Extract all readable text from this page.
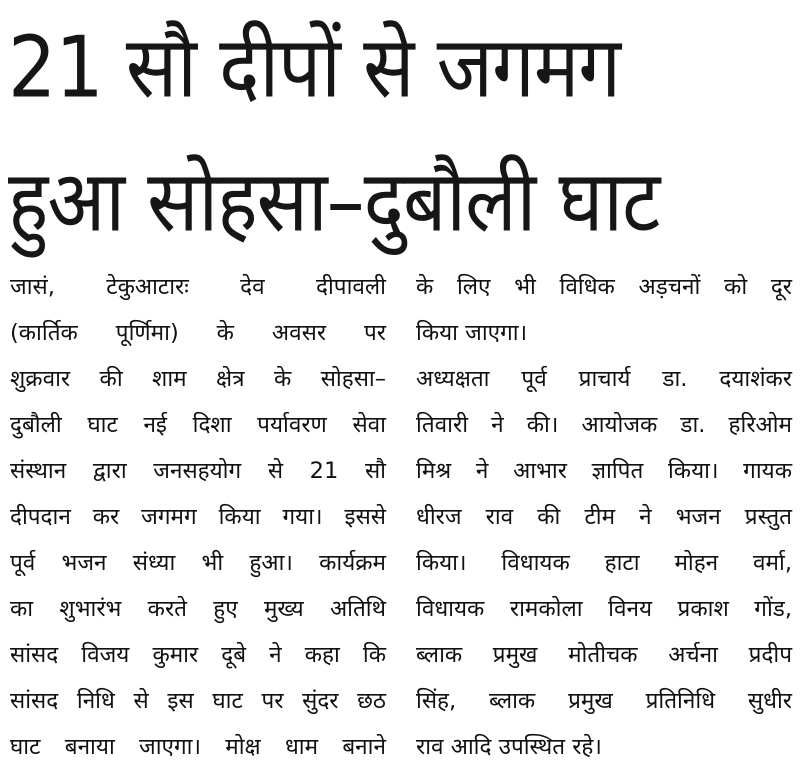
21 सौ दीपों से जगमग
हुआ सोहसा–दुबौली घाट
जासं, टेकुआटारः देव दीपावली
(कार्तिक पूर्णिमा) के अवसर पर
शुक्रवार की शाम क्षेत्र के सोहसा–
दुबौली घाट नई दिशा पर्यावरण सेवा
संस्थान द्वारा जनसहयोग से 21 सौ
दीपदान कर जगमग किया गया। इससे
पूर्व भजन संध्या भी हुआ। कार्यक्रम
का शुभारंभ करते हुए मुख्य अतिथि
सांसद विजय कुमार दूबे ने कहा कि
सांसद निधि से इस घाट पर सुंदर छठ
घाट बनाया जाएगा। मोक्ष धाम बनाने
के लिए भी विधिक अड़चनों को दूर
किया जाएगा।
अध्यक्षता पूर्व प्राचार्य डा. दयाशंकर
तिवारी ने की। आयोजक डा. हरिओम
मिश्र ने आभार ज्ञापित किया। गायक
धीरज राव की टीम ने भजन प्रस्तुत
किया। विधायक हाटा मोहन वर्मा,
विधायक रामकोला विनय प्रकाश गोंड,
ब्लाक प्रमुख मोतीचक अर्चना प्रदीप
सिंह, ब्लाक प्रमुख प्रतिनिधि सुधीर
राव आदि उपस्थित रहे।
